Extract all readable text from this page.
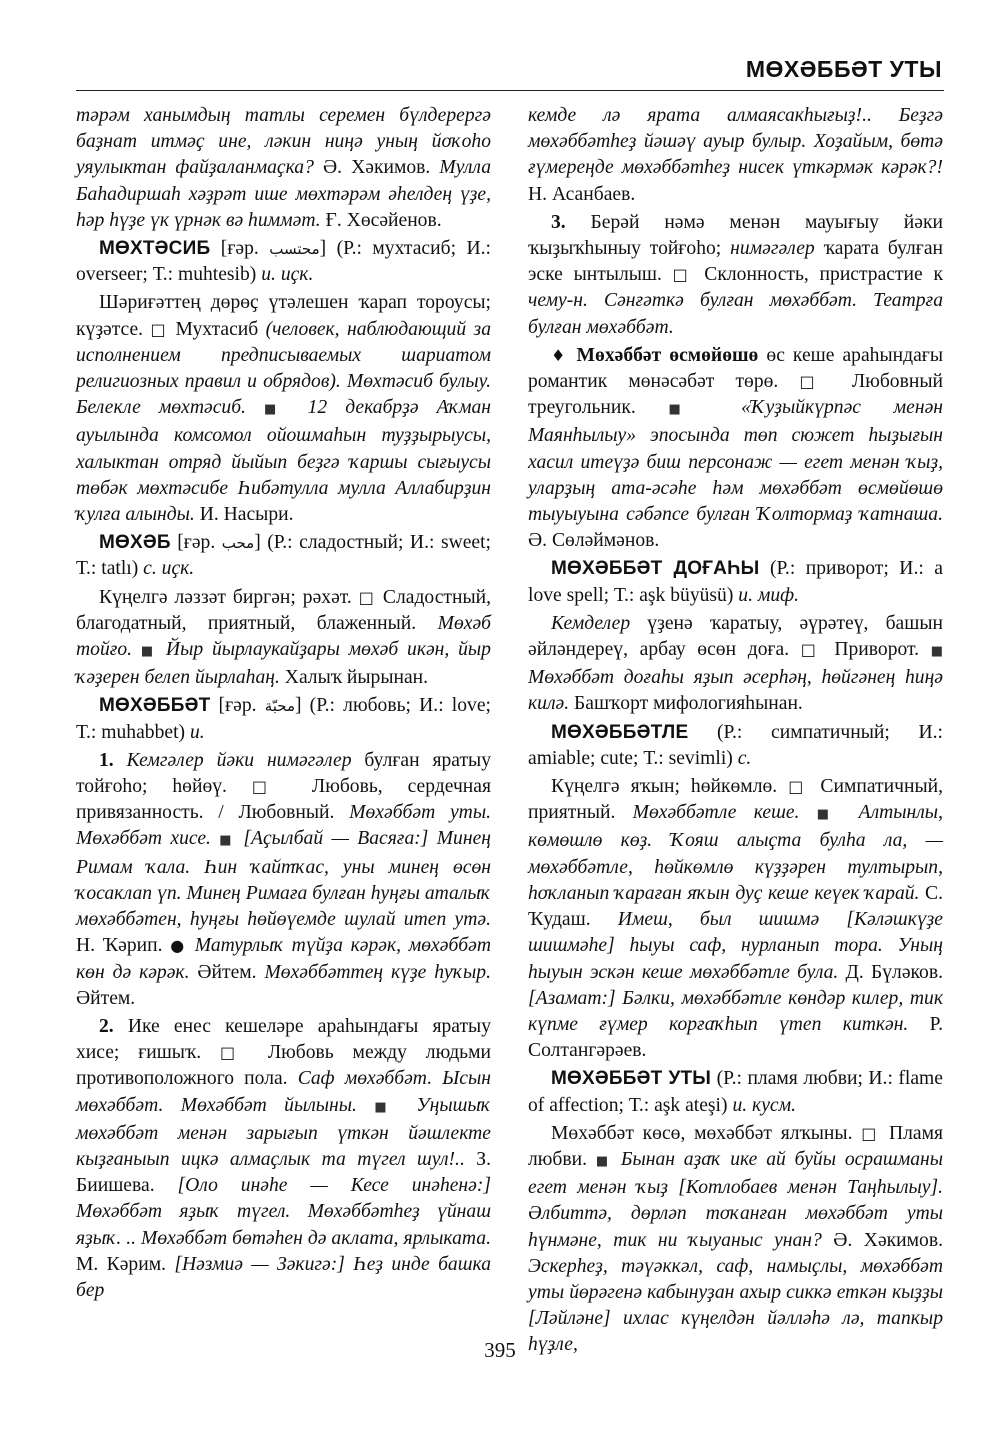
МӨХӘББӘТ УТЫ

тәрәм ханымдың татлы серемен бүлдерергә баҙнат итмәҫ ине, ләкин ниңә уның йоҡоһо уяулыктан файҙаланмаҫка? Ә. Хәкимов. Мулла Баһадиршаһ хәҙрәт ише мөхтәрәм әһелдең үҙе, һәр һүҙе үк үрнәк вә һиммәт. Ғ. Хөсәйенов.

МӨХТӘСИБ [ғәр. محتسب] (Р.: мухтасиб; И.: overseer; Т.: muhtesib) и. иҫк.

Шәриғәттең дөрөҫ үтәлешен ҡарап тороусы; күҙәтсе. □ Мухтасиб (человек, наблюдающий за исполнением предписываемых шариатом религиозных правил и обрядов). Мөхтәсиб булыу. Белекле мөхтәсиб. ■ 12 декабрҙә Аҡман ауылында комсомол ойошмаһын туҙҙырыусы, халыктан отряд йыйып беҙгә ҡаршы сығыусы төбәк мөхтәсибе Һибәтулла мулла Аллабирҙин ҡулға алынды. И. Насыри.

МӨХӘБ [ғәр. محب] (Р.: сладостный; И.: sweet; Т.: tatlı) с. иҫк.

Күңелгә ләззәт биргән; рәхәт. □ Сладостный, благодатный, приятный, блаженный. Мөхәб тойғо. ■ Йыр йырлаукайҙары мөхәб икән, йыр ҡәҙерен белеп йырлаһаң. Халыҡ йырынан.

МӨХӘББӘТ [ғәр. محبّة] (Р.: любовь; И.: love; Т.: muhabbet) и.

1. Кемгәлер йәки нимәгәлер булған яратыу тойғоһо; һөйөү. □ Любовь, сердечная привязанность. / Любовный. Мөхәббәт уты. Мөхәббәт хисе. ■ [Аҫылбай — Васяға:] Минең Римам ҡала. Һин ҡайтҡас, уны минең өсөн ҡосаклап үп. Минең Римаға булған һуңғы аталыҡ мөхәббәтен, һуңғы һөйөүемде шулай итеп утә. Н. Ҡәрип. ● Матурлыҡ түйҙа кәрәк, мөхәббәт көн дә кәрәк. Әйтем. Мөхәббәттең күҙе һуҡыр. Әйтем.

2. Ике енес кешеләре араһындағы яратыу хисе; ғишыҡ. □ Любовь между людьми противоположного пола. Саф мөхәббәт. Ысын мөхәббәт. Мөхәббәт йылыны. ■ Уңышыҡ мөхәббәт менән зарығып үткән йәшлекте кыҙғаныып ицкә алмаҫлык та түгел шул!.. З. Биишева. [Оло инәһе — Кесе инәһенә:] Мөхәббәт яҙыҡ түгел. Мөхәббәтһеҙ үйнаш яҙыҡ. .. Мөхәббәт бөтәһен дә аклата, ярлыката. М. Кәрим. [Нәзмиә — Зәкигә:] Һеҙ инде башка бер

кемде лә ярата алмаясакһығыҙ!.. Беҙгә мөхәббәтһеҙ йәшәү ауыр булыр. Хоҙайым, бөтә ғүмереңде мөхәббәтһеҙ нисек үткәрмәк кәрәк?! Н. Асанбаев.

3. Берәй нәмә менән мауығыу йәки ҡыҙыҡһыныу тойғоһо; нимәгәлер ҡарата булған эске ынтылыш. □ Склонность, пристрастие к чему-н. Сәнғәткә булған мөхәббәт. Театрға булған мөхәббәт.

♦ Мөхәббәт өсмөйөшө өс кеше араһындағы романтик мөнәсәбәт төрө. □ Любовный треугольник. ■ «Ҡуҙыйкүрпәс менән Маянһылыу» эпосында төп сюжет һыҙығын хасил итеүҙә биш персонаж — егет менән ҡыҙ, уларҙың ата-әсәһе һәм мөхәббәт өсмөйөшө тыуыуына сәбәпсе булған Ҡолтормаҙ ҡатнаша. Ә. Сөләймәнов.

МӨХӘББӘТ ДОҒАҺЫ (Р.: приворот; И.: a love spell; Т.: aşk büyüsü) и. миф.

Кемделер үҙенә ҡаратыу, әүрәтеү, башын әйләндереү, арбау өсөн доға. □ Приворот. ■ Мөхәббәт доғаһы яҙып әсерһәң, һөйгәнең һиңә килә. Башҡорт мифологияһынан.

МӨХӘББӘТЛЕ (Р.: симпатичный; И.: amiable; cute; Т.: sevimli) с.

Күңелгә яҡын; һөйкөмлө. □ Симпатичный, приятный. Мөхәббәтле кеше. ■ Алтынлы, көмөшлө көҙ. Ҡояш алыҫта булһа ла, — мөхәббәтле, һөйкөмлө күҙҙәрен тултырып, һоҡланып ҡараған яҡын дуҫ кеше кеүек ҡарай. С. Ҡудаш. Имеш, был шишмә [Кәләшкүҙе шишмәһе] һыуы саф, нурланып тора. Уның һыуын эскән кеше мөхәббәтле була. Д. Бүләков. [Азамат:] Бәлки, мөхәббәтле көндәр килер, тик күпме ғүмер корғаҡһып үтеп киткән. Р. Солтангәрәев.

МӨХӘББӘТ УТЫ (Р.: пламя любви; И.: flame of affection; Т.: aşk ateşi) и. кусм.

Мөхәббәт көсө, мөхәббәт ялҡыны. □ Пламя любви. ■ Бынан аҙаҡ ике ай буйы осрашманы егет менән ҡыҙ [Котлобаев менән Таңһылыу]. Әлбиттә, дөрләп тоҡанған мөхәббәт уты һүнмәне, тик ни ҡыуаныс унан? Ә. Хәкимов. Эскерһеҙ, тәүәккәл, саф, намыҫлы, мөхәббәт уты йөрәгенә кабынуҙан ахыр сиккә еткән кыҙҙы [Ләйләне] ихлас күңелдән йәлләһә лә, тапкыр һүҙле,

395
